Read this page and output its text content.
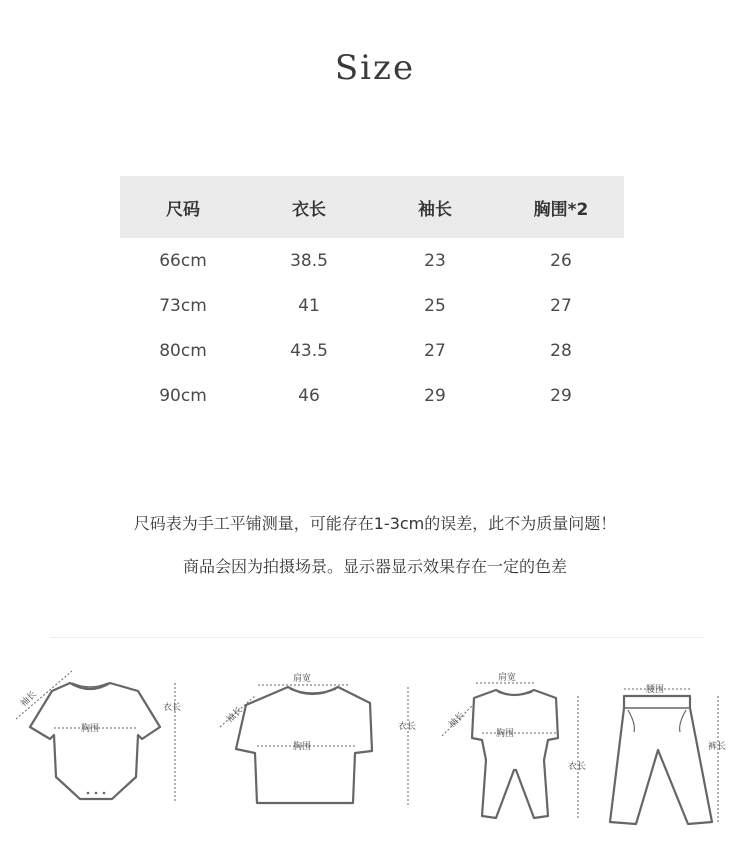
Size
尺码	衣长	袖长	胸围*2
66cm	38.5	23	26
73cm	41	25	27
80cm	43.5	27	28
90cm	46	29	29
尺码表为手工平铺测量，可能存在1-3cm的误差，此不为质量问题！
商品会因为拍摄场景。显示器显示效果存在一定的色差
袖长
胸围
衣长
肩宽
袖长
胸围
衣长
肩宽
袖长
胸围
衣长
腰围
裤长
